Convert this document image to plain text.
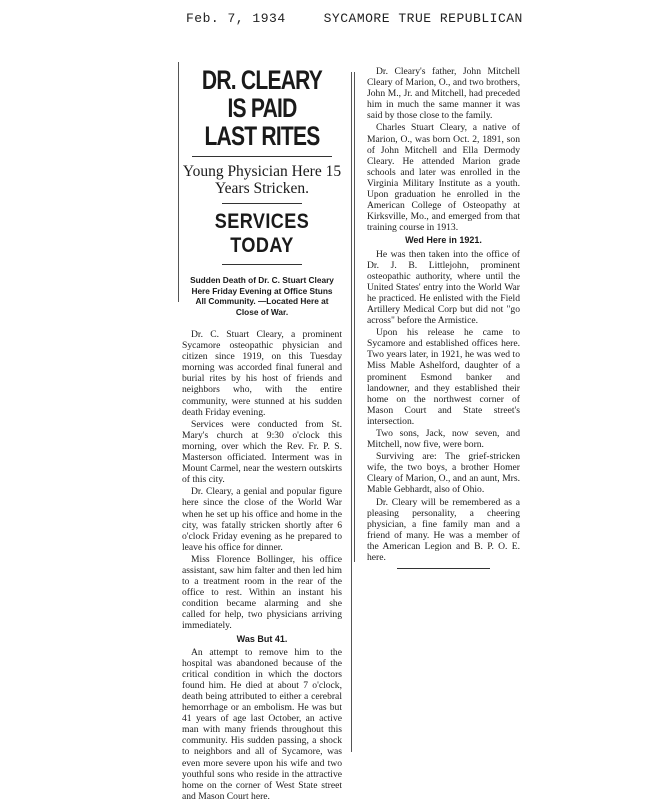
Feb. 7, 1934	SYCAMORE TRUE REPUBLICAN
DR. CLEARY IS PAID LAST RITES
Young Physician Here 15 Years Stricken.
SERVICES TODAY
Sudden Death of Dr. C. Stuart Cleary Here Friday Evening at Office Stuns All Community. —Located Here at Close of War.

Dr. C. Stuart Cleary, a prominent Sycamore osteopathic physician and citizen since 1919, on this Tuesday morning was accorded final funeral and burial rites by his host of friends and neighbors who, with the entire community, were stunned at his sudden death Friday evening.

Services were conducted from St. Mary's church at 9:30 o'clock this morning, over which the Rev. Fr. P. S. Masterson officiated. Interment was in Mount Carmel, near the western outskirts of this city.

Dr. Cleary, a genial and popular figure here since the close of the World War when he set up his office and home in the city, was fatally stricken shortly after 6 o'clock Friday evening as he prepared to leave his office for dinner.

Miss Florence Bollinger, his office assistant, saw him falter and then led him to a treatment room in the rear of the office to rest. Within an instant his condition became alarming and she called for help, two physicians arriving immediately.

Was But 41.

An attempt to remove him to the hospital was abandoned because of the critical condition in which the doctors found him. He died at about 7 o'clock, death being attributed to either a cerebral hemorrhage or an embolism. He was but 41 years of age last October, an active man with many friends throughout this community. His sudden passing, a shock to neighbors and all of Sycamore, was even more severe upon his wife and two youthful sons who reside in the attractive home on the corner of West State street and Mason Court here.

Dr. Cleary's father, John Mitchell Cleary of Marion, O., and two brothers, John M., Jr. and Mitchell, had preceded him in much the same manner it was said by those close to the family.

Charles Stuart Cleary, a native of Marion, O., was born Oct. 2, 1891, son of John Mitchell and Ella Dermody Cleary. He attended Marion grade schools and later was enrolled in the Virginia Military Institute as a youth. Upon graduation he enrolled in the American College of Osteopathy at Kirksville, Mo., and emerged from that training course in 1913.

Wed Here in 1921.

He was then taken into the office of Dr. J. B. Littlejohn, prominent osteopathic authority, where until the United States' entry into the World War he practiced. He enlisted with the Field Artillery Medical Corp but did not "go across" before the Armistice.

Upon his release he came to Sycamore and established offices here. Two years later, in 1921, he was wed to Miss Mable Ashelford, daughter of a prominent Esmond banker and landowner, and they established their home on the northwest corner of Mason Court and State street's intersection.

Two sons, Jack, now seven, and Mitchell, now five, were born.

Surviving are: The grief-stricken wife, the two boys, a brother Homer Cleary of Marion, O., and an aunt, Mrs. Mable Gebhardt, also of Ohio.

Dr. Cleary will be remembered as a pleasing personality, a cheering physician, a fine family man and a friend of many. He was a member of the American Legion and B. P. O. E. here.
